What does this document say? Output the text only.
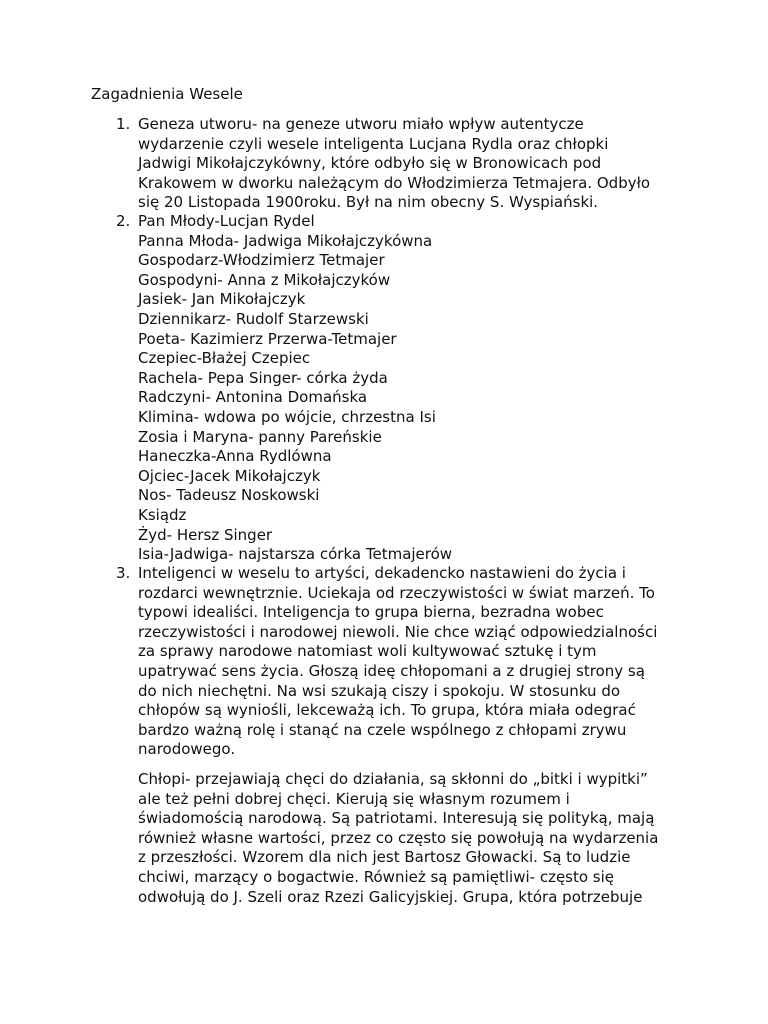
Zagadnienia Wesele
1. Geneza utworu- na geneze utworu miało wpływ autentycze
wydarzenie czyli wesele inteligenta Lucjana Rydla oraz chłopki
Jadwigi Mikołajczykówny, które odbyło się w Bronowicach pod
Krakowem w dworku należącym do Włodzimierza Tetmajera. Odbyło
się 20 Listopada 1900roku. Był na nim obecny S. Wyspiański.
2. Pan Młody-Lucjan Rydel
Panna Młoda- Jadwiga Mikołajczykówna
Gospodarz-Włodzimierz Tetmajer
Gospodyni- Anna z Mikołajczyków
Jasiek- Jan Mikołajczyk
Dziennikarz- Rudolf Starzewski
Poeta- Kazimierz Przerwa-Tetmajer
Czepiec-Błażej Czepiec
Rachela- Pepa Singer- córka żyda
Radczyni- Antonina Domańska
Klimina- wdowa po wójcie, chrzestna Isi
Zosia i Maryna- panny Pareńskie
Haneczka-Anna Rydlówna
Ojciec-Jacek Mikołajczyk
Nos- Tadeusz Noskowski
Ksiądz
Żyd- Hersz Singer
Isia-Jadwiga- najstarsza córka Tetmajerów
3. Inteligenci w weselu to artyści, dekadencko nastawieni do życia i
rozdarci wewnętrznie. Uciekaja od rzeczywistości w świat marzeń. To
typowi idealiści. Inteligencja to grupa bierna, bezradna wobec
rzeczywistości i narodowej niewoli. Nie chce wziąć odpowiedzialności
za sprawy narodowe natomiast woli kultywować sztukę i tym
upatrywać sens życia. Głoszą ideę chłopomani a z drugiej strony są
do nich niechętni. Na wsi szukają ciszy i spokoju. W stosunku do
chłopów są wyniośli, lekceważą ich. To grupa, która miała odegrać
bardzo ważną rolę i stanąć na czele wspólnego z chłopami zrywu
narodowego.
Chłopi- przejawiają chęci do działania, są skłonni do „bitki i wypitki”
ale też pełni dobrej chęci. Kierują się własnym rozumem i
świadomością narodową. Są patriotami. Interesują się polityką, mają
również własne wartości, przez co często się powołują na wydarzenia
z przeszłości. Wzorem dla nich jest Bartosz Głowacki. Są to ludzie
chciwi, marzący o bogactwie. Również są pamiętliwi- często się
odwołują do J. Szeli oraz Rzezi Galicyjskiej. Grupa, która potrzebuje
